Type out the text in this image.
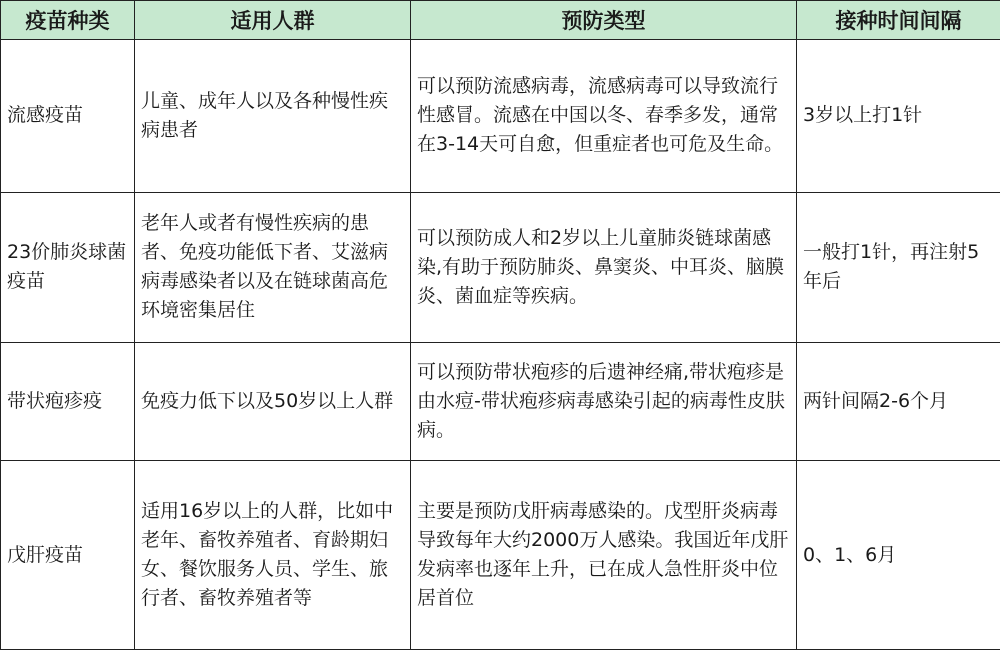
疫苗种类	适用人群	预防类型	接种时间间隔
流感疫苗	儿童、成年人以及各种慢性疾病患者	可以预防流感病毒，流感病毒可以导致流行性感冒。流感在中国以冬、春季多发，通常在3-14天可自愈，但重症者也可危及生命。	3岁以上打1针
23价肺炎球菌疫苗	老年人或者有慢性疾病的患者、免疫功能低下者、艾滋病病毒感染者以及在链球菌高危环境密集居住	可以预防成人和2岁以上儿童肺炎链球菌感染,有助于预防肺炎、鼻窦炎、中耳炎、脑膜炎、菌血症等疾病。	一般打1针，再注射5年后
带状疱疹疫	免疫力低下以及50岁以上人群	可以预防带状疱疹的后遗神经痛,带状疱疹是由水痘-带状疱疹病毒感染引起的病毒性皮肤病。	两针间隔2-6个月
戊肝疫苗	适用16岁以上的人群，比如中老年、畜牧养殖者、育龄期妇女、餐饮服务人员、学生、旅行者、畜牧养殖者等	主要是预防戊肝病毒感染的。戊型肝炎病毒导致每年大约2000万人感染。我国近年戊肝发病率也逐年上升，已在成人急性肝炎中位居首位	0、1、6月
